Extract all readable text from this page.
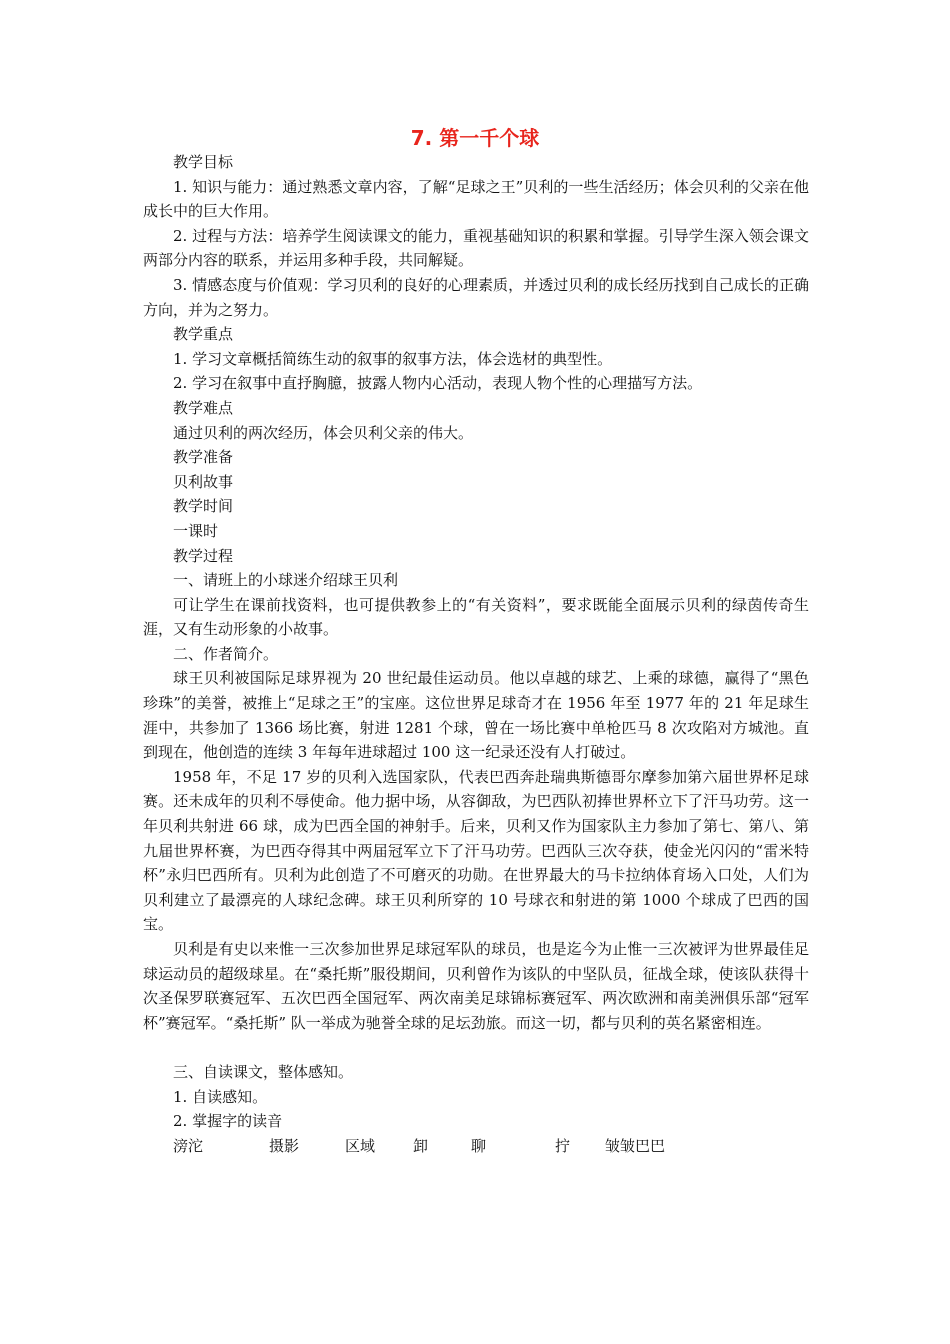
7. 第一千个球

教学目标

1. 知识与能力：通过熟悉文章内容，了解“足球之王”贝利的一些生活经历；体会贝利的父亲在他成长中的巨大作用。

2. 过程与方法：培养学生阅读课文的能力，重视基础知识的积累和掌握。引导学生深入领会课文两部分内容的联系，并运用多种手段，共同解疑。

3. 情感态度与价值观：学习贝利的良好的心理素质，并透过贝利的成长经历找到自己成长的正确方向，并为之努力。

教学重点

1. 学习文章概括简练生动的叙事的叙事方法，体会选材的典型性。

2. 学习在叙事中直抒胸臆，披露人物内心活动，表现人物个性的心理描写方法。

教学难点

通过贝利的两次经历，体会贝利父亲的伟大。

教学准备

贝利故事

教学时间

一课时

教学过程

一、请班上的小球迷介绍球王贝利

可让学生在课前找资料，也可提供教参上的“有关资料”，要求既能全面展示贝利的绿茵传奇生涯，又有生动形象的小故事。

二、作者简介。

球王贝利被国际足球界视为 20 世纪最佳运动员。他以卓越的球艺、上乘的球德，赢得了“黑色珍珠”的美誉，被推上“足球之王”的宝座。这位世界足球奇才在 1956 年至 1977 年的 21 年足球生涯中，共参加了 1366 场比赛，射进 1281 个球，曾在一场比赛中单枪匹马 8 次攻陷对方城池。直到现在，他创造的连续 3 年每年进球超过 100 这一纪录还没有人打破过。

1958 年，不足 17 岁的贝利入选国家队，代表巴西奔赴瑞典斯德哥尔摩参加第六届世界杯足球赛。还未成年的贝利不辱使命。他力据中场，从容御敌，为巴西队初捧世界杯立下了汗马功劳。这一年贝利共射进 66 球，成为巴西全国的神射手。后来，贝利又作为国家队主力参加了第七、第八、第九届世界杯赛，为巴西夺得其中两届冠军立下了汗马功劳。巴西队三次夺获，使金光闪闪的“雷米特杯”永归巴西所有。贝利为此创造了不可磨灭的功勋。在世界最大的马卡拉纳体育场入口处，人们为贝利建立了最漂亮的人球纪念碑。球王贝利所穿的 10 号球衣和射进的第 1000 个球成了巴西的国宝。

贝利是有史以来惟一三次参加世界足球冠军队的球员，也是迄今为止惟一三次被评为世界最佳足球运动员的超级球星。在“桑托斯”服役期间，贝利曾作为该队的中坚队员，征战全球，使该队获得十次圣保罗联赛冠军、五次巴西全国冠军、两次南美足球锦标赛冠军、两次欧洲和南美洲俱乐部“冠军杯”赛冠军。“桑托斯” 队一举成为驰誉全球的足坛劲旅。而这一切，都与贝利的英名紧密相连。

三、自读课文，整体感知。

1. 自读感知。

2. 掌握字的读音

滂沱	摄影	区域	卸	聊	拧	皱皱巴巴
